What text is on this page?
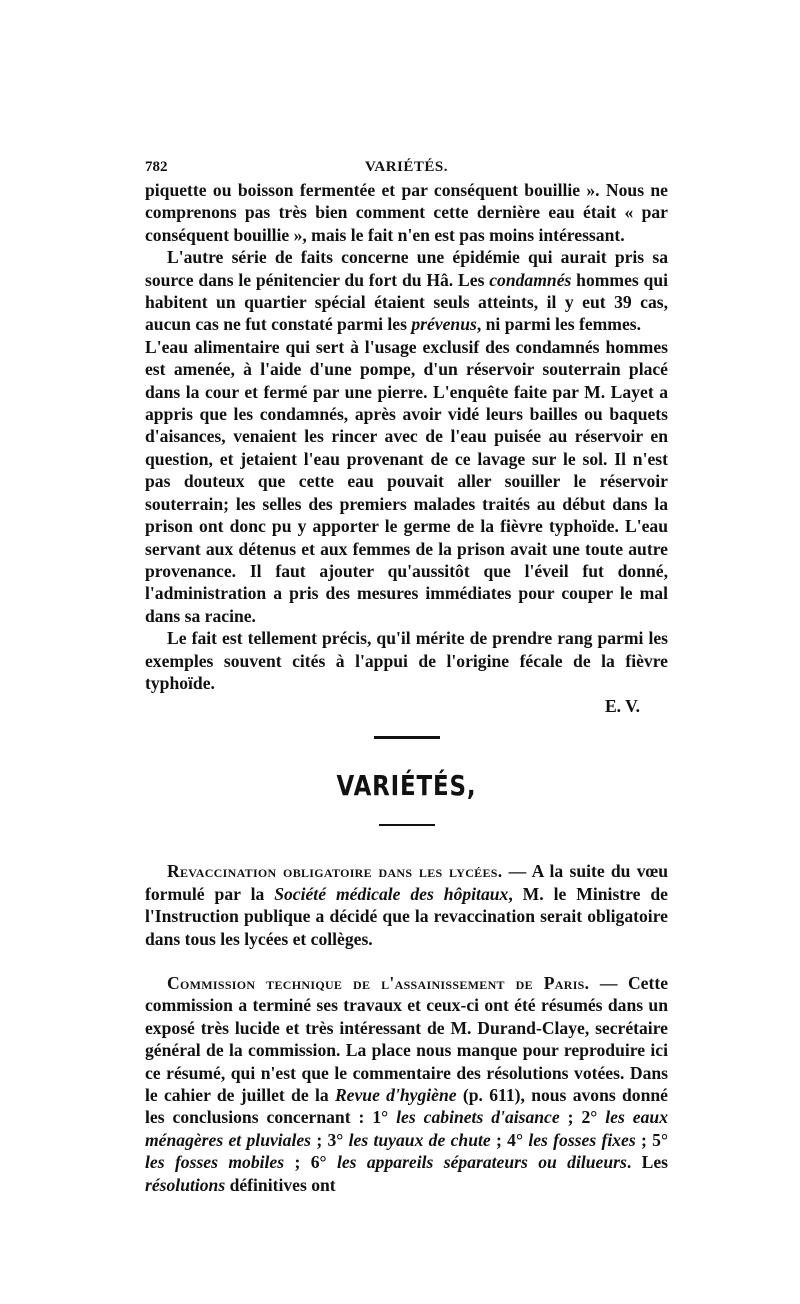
782	VARIÉTÉS.

piquette ou boisson fermentée et par conséquent bouillie ». Nous ne comprenons pas très bien comment cette dernière eau était « par conséquent bouillie », mais le fait n'en est pas moins intéressant.

L'autre série de faits concerne une épidémie qui aurait pris sa source dans le pénitencier du fort du Hâ. Les condamnés hommes qui habitent un quartier spécial étaient seuls atteints, il y eut 39 cas, aucun cas ne fut constaté parmi les prévenus, ni parmi les femmes.

L'eau alimentaire qui sert à l'usage exclusif des condamnés hommes est amenée, à l'aide d'une pompe, d'un réservoir souterrain placé dans la cour et fermé par une pierre. L'enquête faite par M. Layet a appris que les condamnés, après avoir vidé leurs bailles ou baquets d'aisances, venaient les rincer avec de l'eau puisée au réservoir en question, et jetaient l'eau provenant de ce lavage sur le sol. Il n'est pas douteux que cette eau pouvait aller souiller le réservoir souterrain; les selles des premiers malades traités au début dans la prison ont donc pu y apporter le germe de la fièvre typhoïde. L'eau servant aux détenus et aux femmes de la prison avait une toute autre provenance. Il faut ajouter qu'aussitôt que l'éveil fut donné, l'administration a pris des mesures immédiates pour couper le mal dans sa racine.

Le fait est tellement précis, qu'il mérite de prendre rang parmi les exemples souvent cités à l'appui de l'origine fécale de la fièvre typhoïde.

E. V.
VARIÉTÉS,

Revaccination obligatoire dans les lycées. — A la suite du vœu formulé par la Société médicale des hôpitaux, M. le Ministre de l'Instruction publique a décidé que la revaccination serait obligatoire dans tous les lycées et collèges.

Commission technique de l'assainissement de Paris. — Cette commission a terminé ses travaux et ceux-ci ont été résumés dans un exposé très lucide et très intéressant de M. Durand-Claye, secrétaire général de la commission. La place nous manque pour reproduire ici ce résumé, qui n'est que le commentaire des résolutions votées. Dans le cahier de juillet de la Revue d'hygiène (p. 611), nous avons donné les conclusions concernant : 1° les cabinets d'aisance ; 2° les eaux ménagères et pluviales ; 3° les tuyaux de chute ; 4° les fosses fixes ; 5° les fosses mobiles ; 6° les appareils séparateurs ou dilueurs. Les résolutions définitives ont
